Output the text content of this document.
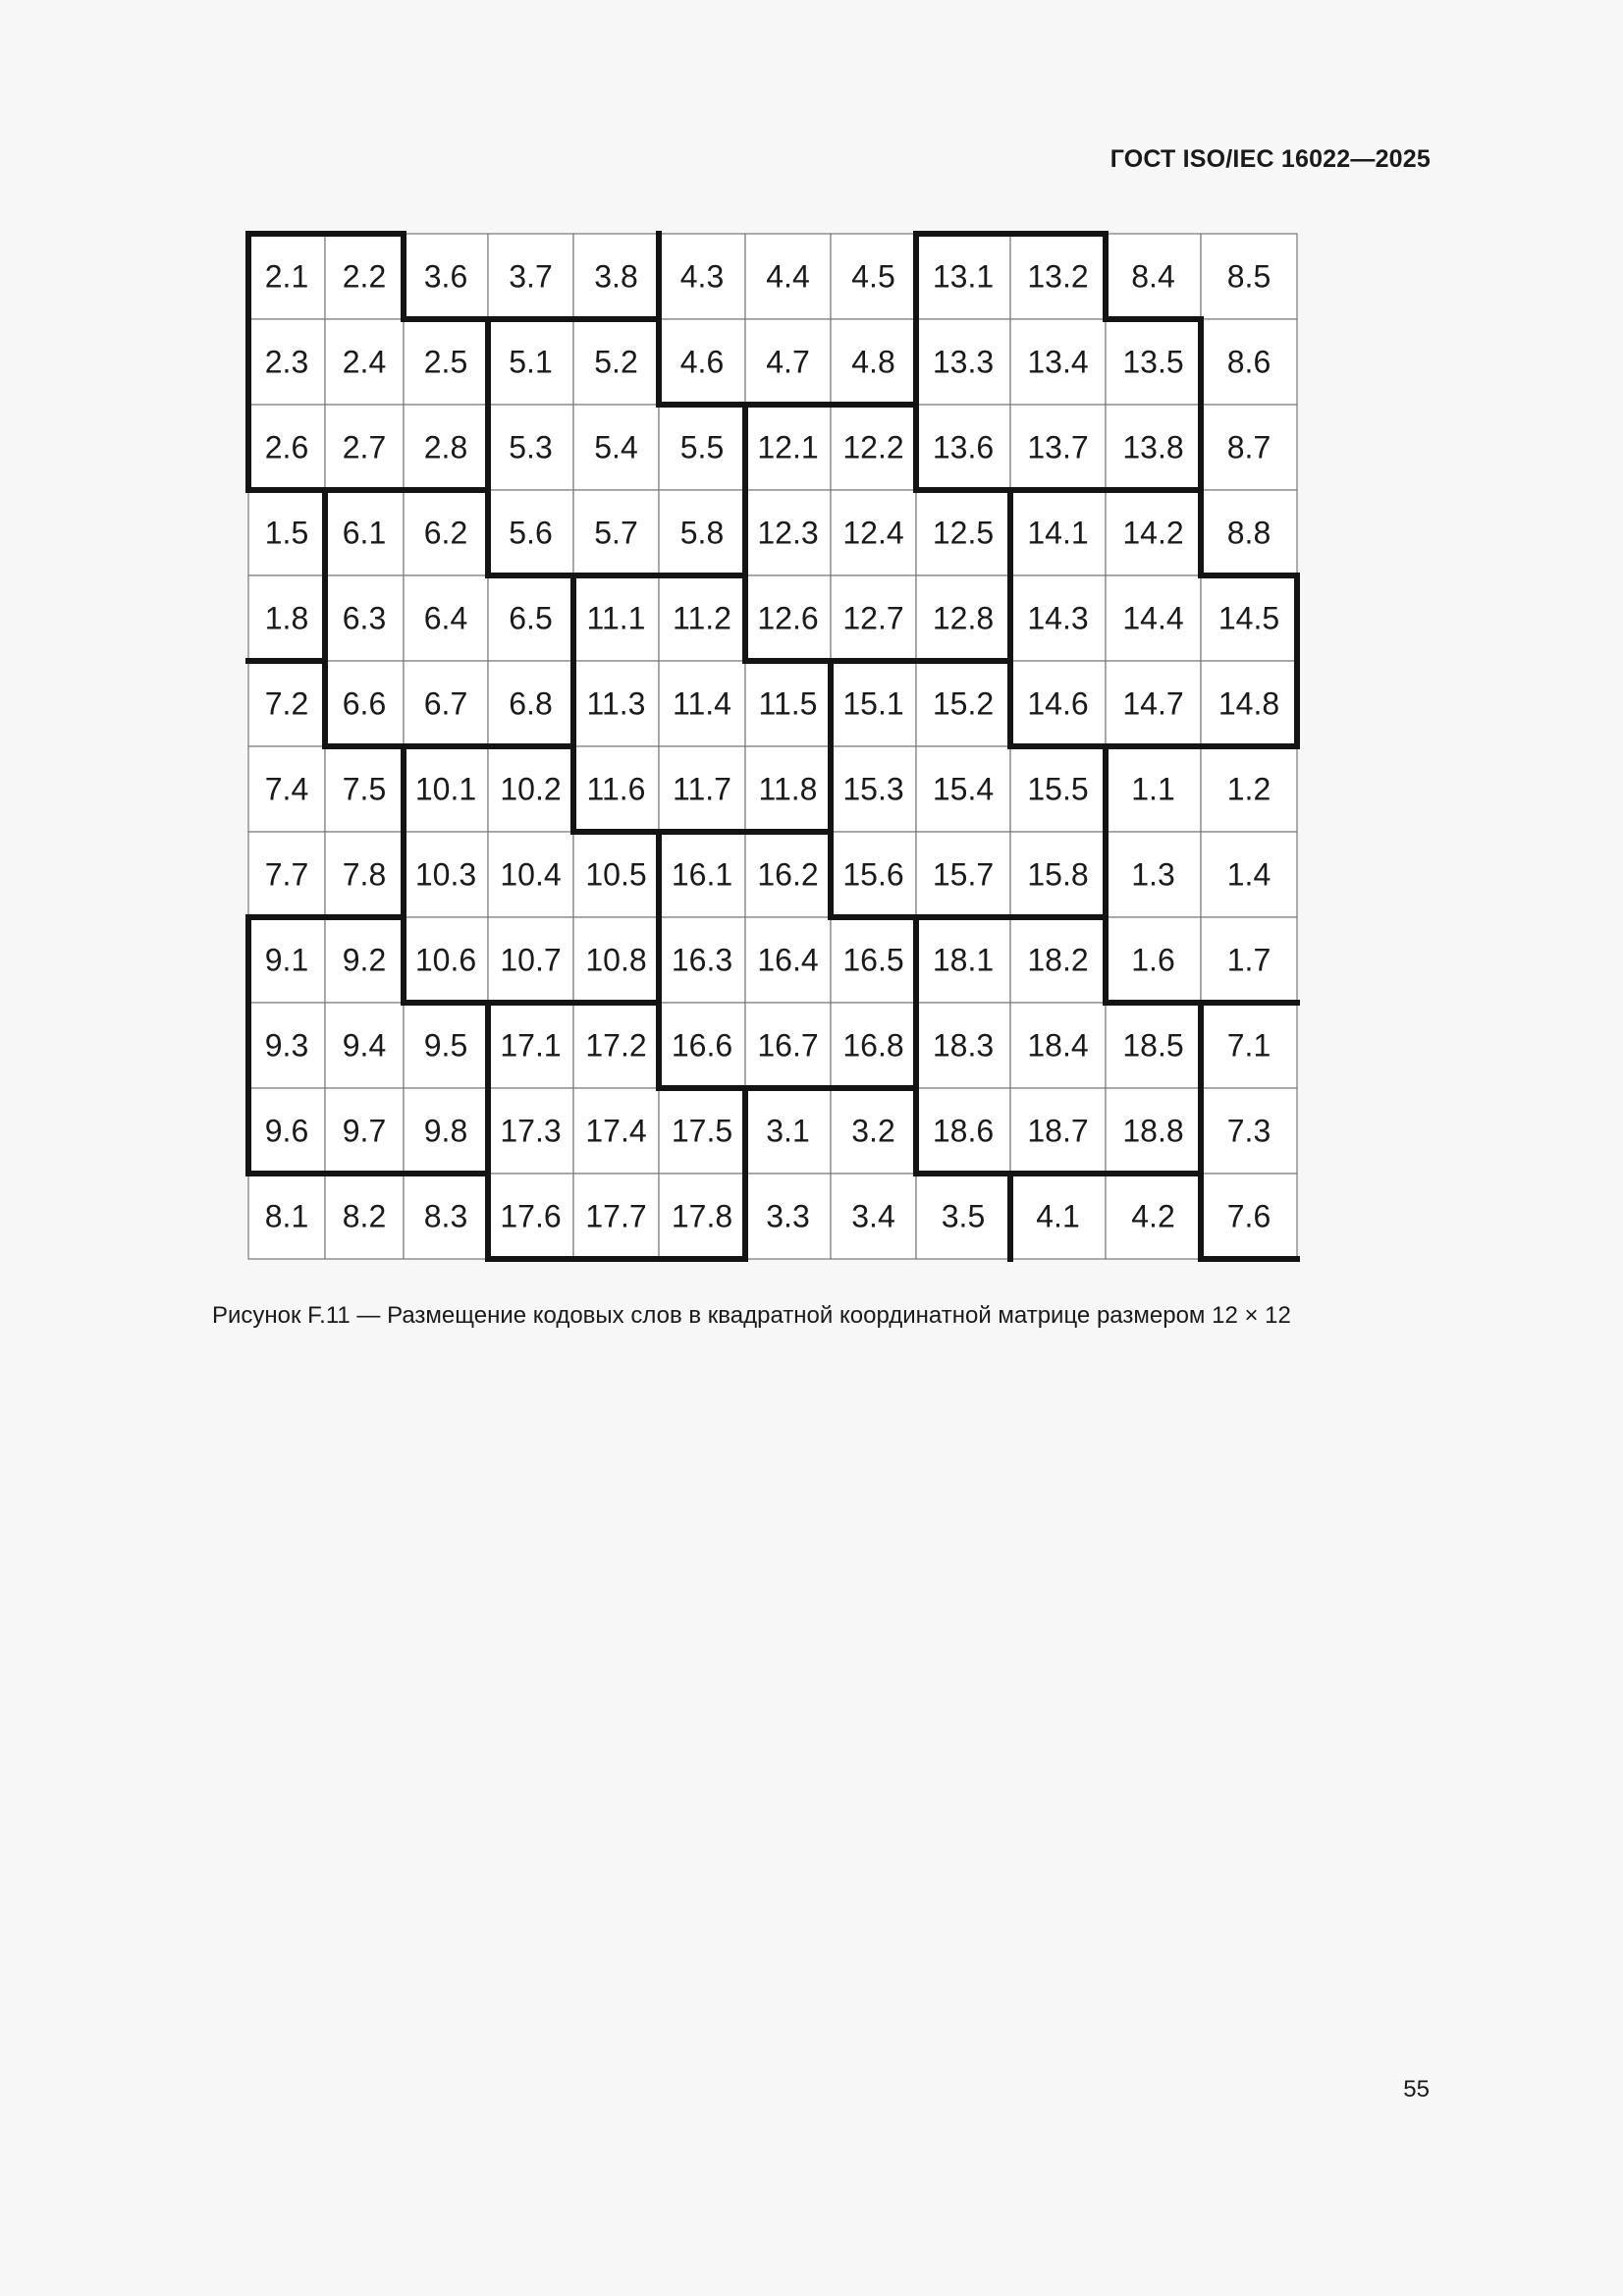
ГОСТ ISO/IEC 16022—2025
2.1 2.2 3.6 3.7 3.8 4.3 4.4 4.5 13.1 13.2 8.4 8.5
2.3 2.4 2.5 5.1 5.2 4.6 4.7 4.8 13.3 13.4 13.5 8.6
2.6 2.7 2.8 5.3 5.4 5.5 12.1 12.2 13.6 13.7 13.8 8.7
1.5 6.1 6.2 5.6 5.7 5.8 12.3 12.4 12.5 14.1 14.2 8.8
1.8 6.3 6.4 6.5 11.1 11.2 12.6 12.7 12.8 14.3 14.4 14.5
7.2 6.6 6.7 6.8 11.3 11.4 11.5 15.1 15.2 14.6 14.7 14.8
7.4 7.5 10.1 10.2 11.6 11.7 11.8 15.3 15.4 15.5 1.1 1.2
7.7 7.8 10.3 10.4 10.5 16.1 16.2 15.6 15.7 15.8 1.3 1.4
9.1 9.2 10.6 10.7 10.8 16.3 16.4 16.5 18.1 18.2 1.6 1.7
9.3 9.4 9.5 17.1 17.2 16.6 16.7 16.8 18.3 18.4 18.5 7.1
9.6 9.7 9.8 17.3 17.4 17.5 3.1 3.2 18.6 18.7 18.8 7.3
8.1 8.2 8.3 17.6 17.7 17.8 3.3 3.4 3.5 4.1 4.2 7.6
Рисунок F.11 — Размещение кодовых слов в квадратной координатной матрице размером 12 × 12
55
